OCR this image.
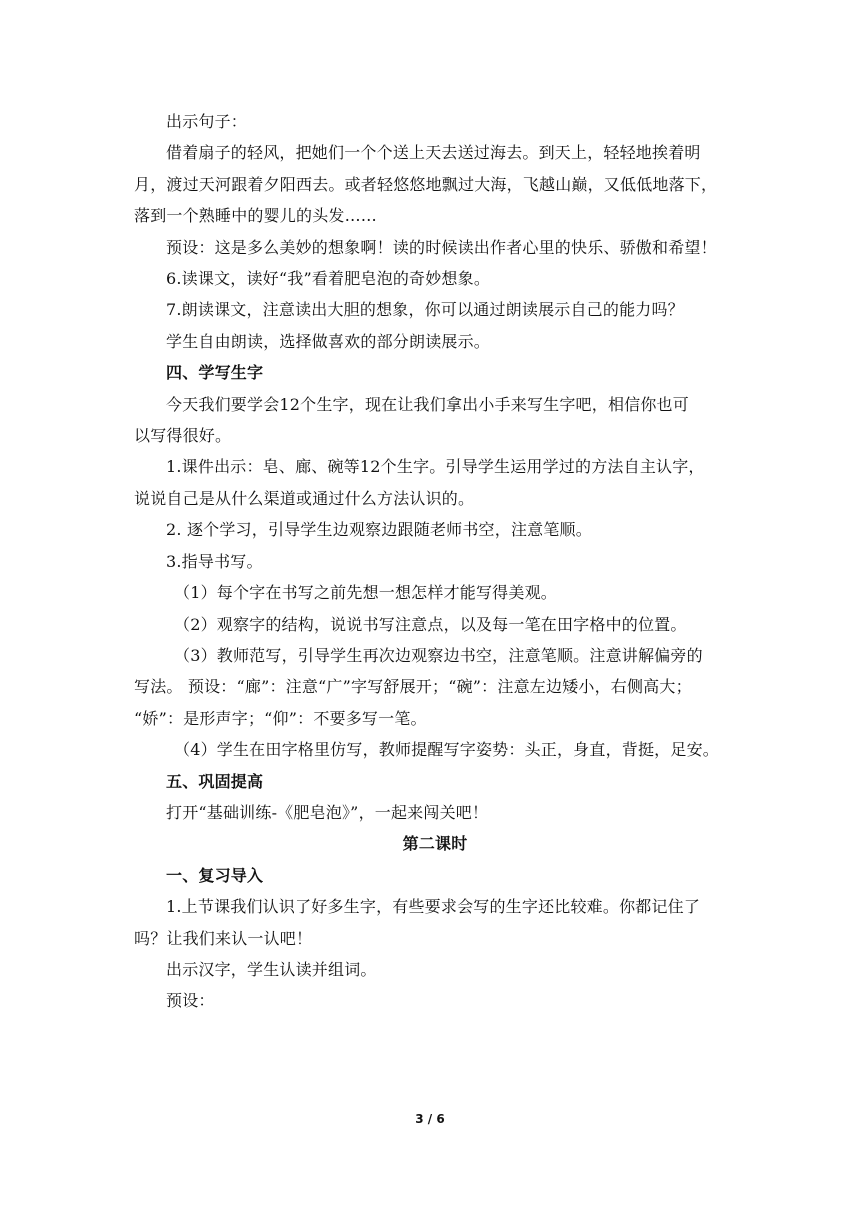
出示句子：

借着扇子的轻风，把她们一个个送上天去送过海去。到天上，轻轻地挨着明

月，渡过天河跟着夕阳西去。或者轻悠悠地飘过大海，飞越山巅，又低低地落下，

落到一个熟睡中的婴儿的头发……

预设：这是多么美妙的想象啊！读的时候读出作者心里的快乐、骄傲和希望！

6.读课文，读好“我”看着肥皂泡的奇妙想象。

7.朗读课文，注意读出大胆的想象，你可以通过朗读展示自己的能力吗？

学生自由朗读，选择做喜欢的部分朗读展示。

四、学写生字

今天我们要学会12个生字，现在让我们拿出小手来写生字吧，相信你也可

以写得很好。

1.课件出示：皂、廊、碗等12个生字。引导学生运用学过的方法自主认字，

说说自己是从什么渠道或通过什么方法认识的。

2. 逐个学习，引导学生边观察边跟随老师书空，注意笔顺。

3.指导书写。

（1）每个字在书写之前先想一想怎样才能写得美观。

（2）观察字的结构，说说书写注意点，以及每一笔在田字格中的位置。

（3）教师范写，引导学生再次边观察边书空，注意笔顺。注意讲解偏旁的

写法。 预设：“廊”：注意“广”字写舒展开；“碗”：注意左边矮小，右侧高大；

“娇”：是形声字；“仰”：不要多写一笔。

（4）学生在田字格里仿写，教师提醒写字姿势：头正，身直，背挺，足安。

五、巩固提高

打开“基础训练-《肥皂泡》”，一起来闯关吧！

第二课时

一、复习导入

1.上节课我们认识了好多生字，有些要求会写的生字还比较难。你都记住了

吗？让我们来认一认吧！

出示汉字，学生认读并组词。

预设：

3 / 6
